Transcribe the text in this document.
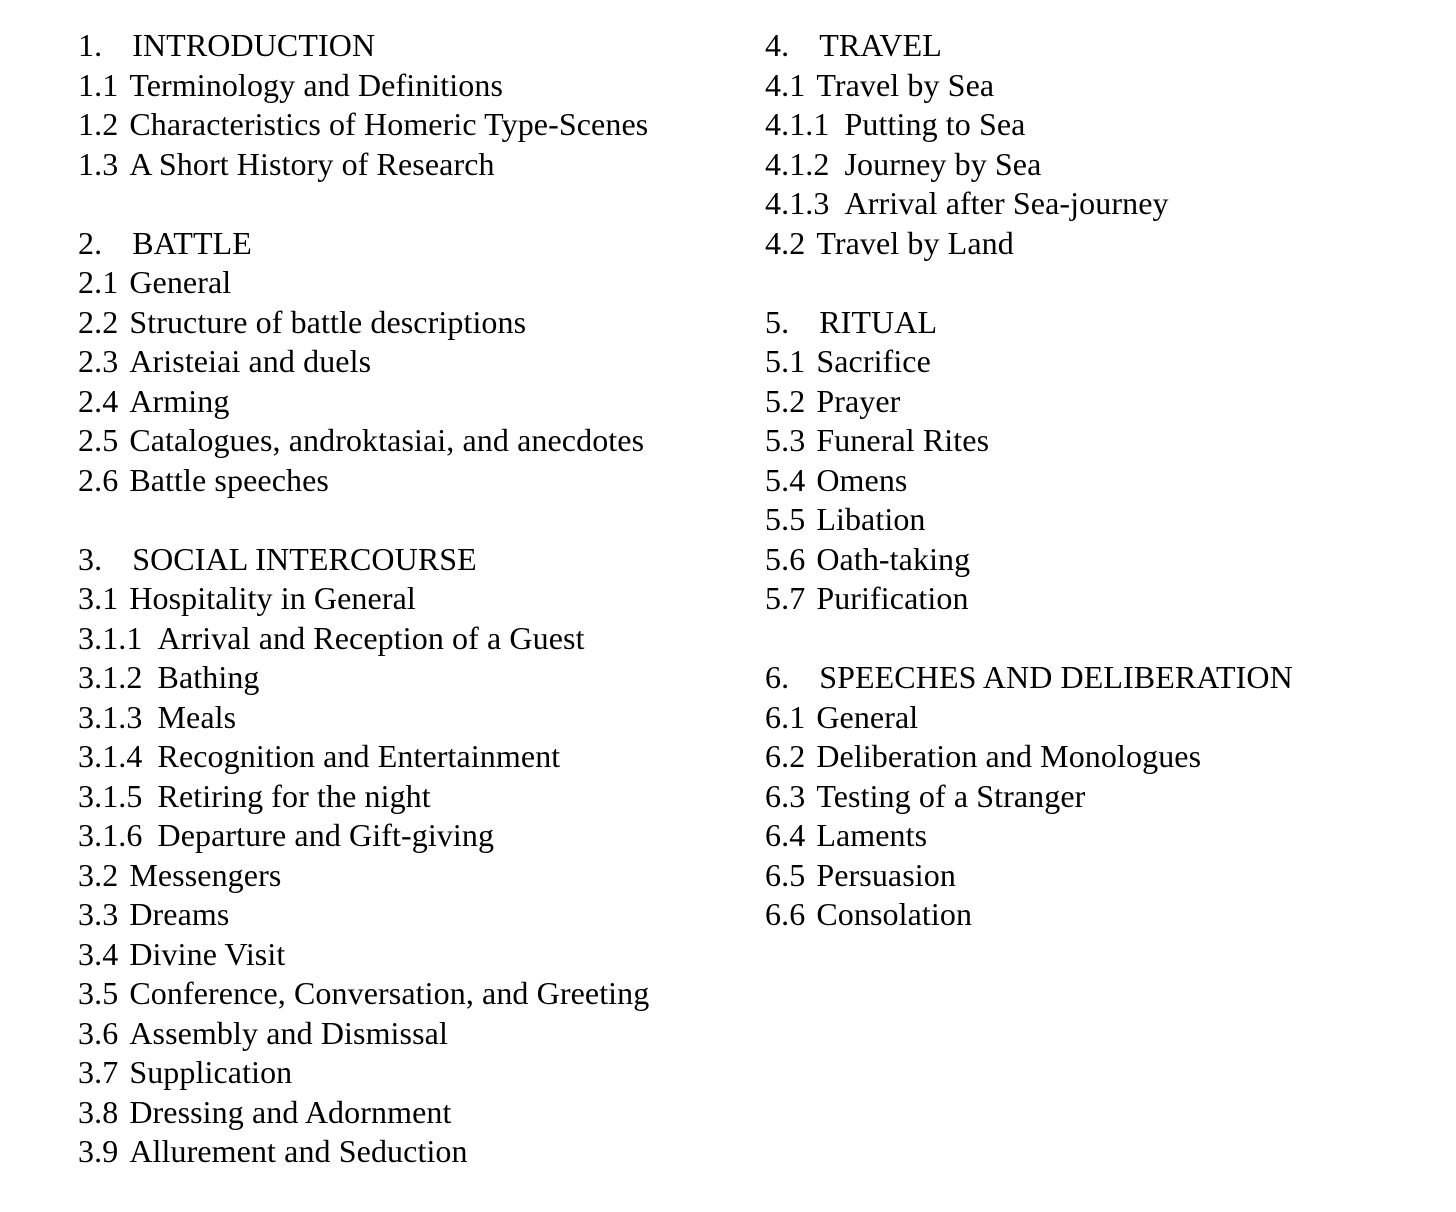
1. INTRODUCTION
1.1 Terminology and Definitions
1.2 Characteristics of Homeric Type-Scenes
1.3 A Short History of Research
2. BATTLE
2.1 General
2.2 Structure of battle descriptions
2.3 Aristeiai and duels
2.4 Arming
2.5 Catalogues, androktasiai, and anecdotes
2.6 Battle speeches
3. SOCIAL INTERCOURSE
3.1 Hospitality in General
3.1.1 Arrival and Reception of a Guest
3.1.2 Bathing
3.1.3 Meals
3.1.4 Recognition and Entertainment
3.1.5 Retiring for the night
3.1.6 Departure and Gift-giving
3.2 Messengers
3.3 Dreams
3.4 Divine Visit
3.5 Conference, Conversation, and Greeting
3.6 Assembly and Dismissal
3.7 Supplication
3.8 Dressing and Adornment
3.9 Allurement and Seduction
4. TRAVEL
4.1 Travel by Sea
4.1.1 Putting to Sea
4.1.2 Journey by Sea
4.1.3 Arrival after Sea-journey
4.2 Travel by Land
5. RITUAL
5.1 Sacrifice
5.2 Prayer
5.3 Funeral Rites
5.4 Omens
5.5 Libation
5.6 Oath-taking
5.7 Purification
6. SPEECHES AND DELIBERATION
6.1 General
6.2 Deliberation and Monologues
6.3 Testing of a Stranger
6.4 Laments
6.5 Persuasion
6.6 Consolation
